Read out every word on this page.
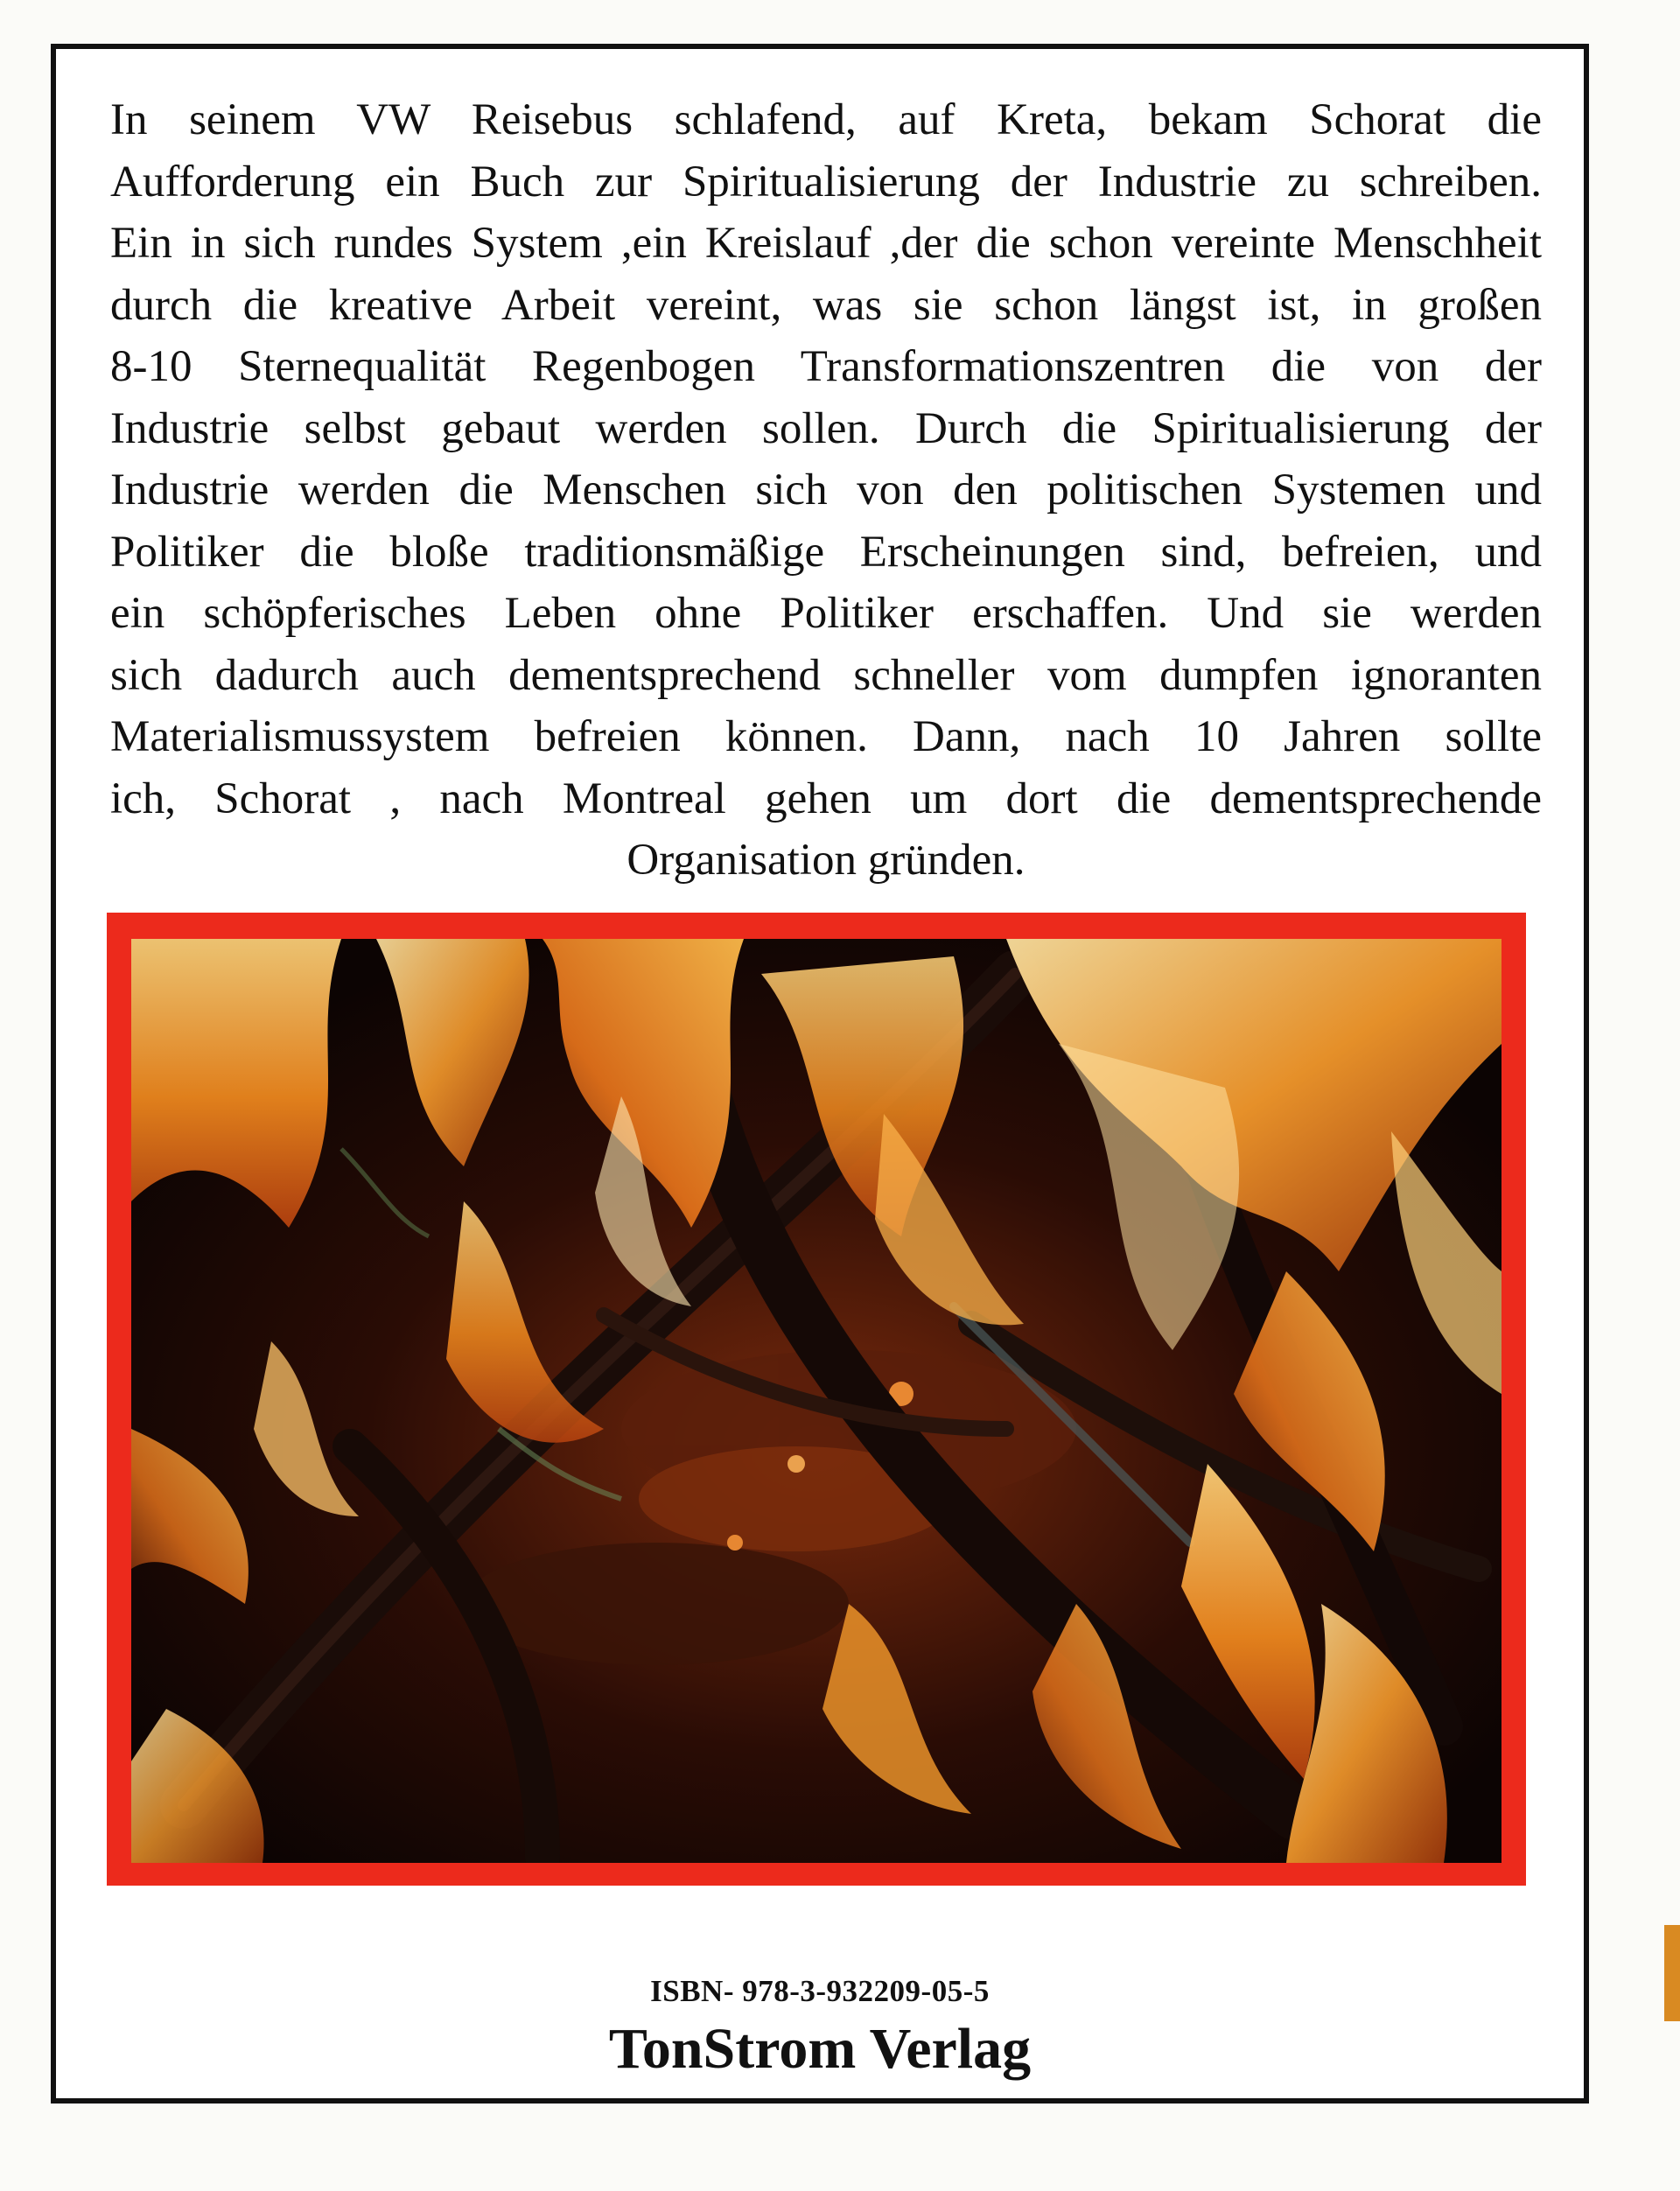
In seinem VW Reisebus schlafend, auf Kreta, bekam Schorat die
Aufforderung ein Buch zur Spiritualisierung der Industrie zu schreiben.
Ein in sich rundes System ,ein Kreislauf ,der die schon vereinte Menschheit
durch die kreative Arbeit vereint, was sie schon längst ist, in großen
8-10 Sternequalität Regenbogen Transformationszentren die von der
Industrie selbst gebaut werden sollen. Durch die Spiritualisierung der
Industrie werden die Menschen sich von den politischen Systemen und
Politiker die bloße traditionsmäßige Erscheinungen sind, befreien, und
ein schöpferisches Leben ohne Politiker erschaffen. Und sie werden
sich dadurch auch dementsprechend schneller vom dumpfen ignoranten
Materialismussystem befreien können. Dann, nach 10 Jahren sollte
ich, Schorat , nach Montreal gehen um dort die dementsprechende
Organisation gründen.

ISBN- 978-3-932209-05-5
TonStrom Verlag
